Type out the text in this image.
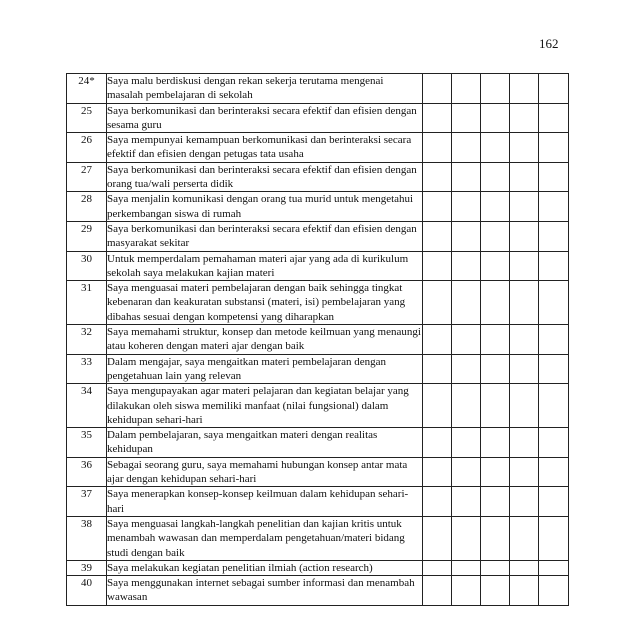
162
24*	Saya malu berdiskusi dengan rekan sekerja terutama mengenai masalah pembelajaran di sekolah					
25	Saya berkomunikasi dan berinteraksi secara efektif dan efisien dengan sesama guru					
26	Saya mempunyai kemampuan berkomunikasi dan berinteraksi secara efektif dan efisien dengan petugas tata usaha					
27	Saya berkomunikasi dan berinteraksi secara efektif dan efisien dengan orang tua/wali perserta didik					
28	Saya menjalin komunikasi dengan orang tua murid untuk mengetahui perkembangan siswa di rumah					
29	Saya berkomunikasi dan berinteraksi secara efektif dan efisien dengan masyarakat sekitar					
30	Untuk memperdalam pemahaman materi ajar yang ada di kurikulum sekolah saya melakukan kajian materi					
31	Saya menguasai materi pembelajaran dengan baik sehingga tingkat kebenaran dan keakuratan substansi (materi, isi) pembelajaran yang dibahas sesuai dengan kompetensi yang diharapkan					
32	Saya memahami struktur, konsep dan metode keilmuan yang menaungi atau koheren dengan materi ajar dengan baik					
33	Dalam mengajar, saya mengaitkan materi pembelajaran dengan pengetahuan lain yang relevan					
34	Saya mengupayakan agar materi pelajaran dan kegiatan belajar yang dilakukan oleh siswa memiliki manfaat (nilai fungsional) dalam kehidupan sehari-hari					
35	Dalam pembelajaran, saya mengaitkan materi dengan realitas kehidupan					
36	Sebagai seorang guru, saya memahami hubungan konsep antar mata ajar dengan kehidupan sehari-hari					
37	Saya menerapkan konsep-konsep keilmuan dalam kehidupan sehari-hari					
38	Saya menguasai langkah-langkah penelitian dan kajian kritis untuk menambah wawasan dan memperdalam pengetahuan/materi bidang studi dengan baik					
39	Saya melakukan kegiatan penelitian ilmiah (action research)					
40	Saya menggunakan internet sebagai sumber informasi dan menambah wawasan					
